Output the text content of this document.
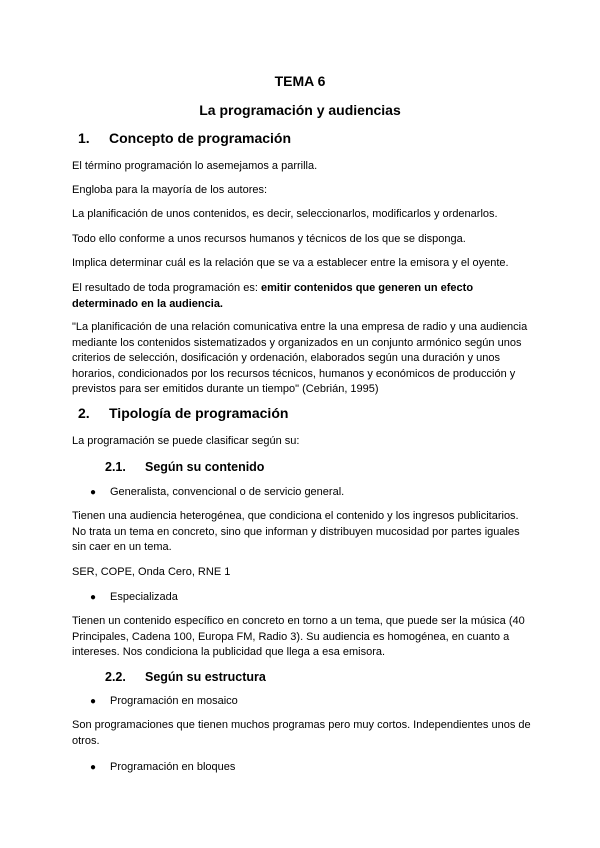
TEMA 6
La programación y audiencias
1. Concepto de programación

El término programación lo asemejamos a parrilla.

Engloba para la mayoría de los autores:

La planificación de unos contenidos, es decir, seleccionarlos, modificarlos y ordenarlos.

Todo ello conforme a unos recursos humanos y técnicos de los que se disponga.

Implica determinar cuál es la relación que se va a establecer entre la emisora y el oyente.

El resultado de toda programación es: emitir contenidos que generen un efecto determinado en la audiencia.

"La planificación de una relación comunicativa entre la una empresa de radio y una audiencia mediante los contenidos sistematizados y organizados en un conjunto armónico según unos criterios de selección, dosificación y ordenación, elaborados según una duración y unos horarios, condicionados por los recursos técnicos, humanos y económicos de producción y previstos para ser emitidos durante un tiempo" (Cebrián, 1995)

2. Tipología de programación

La programación se puede clasificar según su:

2.1. Según su contenido
● Generalista, convencional o de servicio general.

Tienen una audiencia heterogénea, que condiciona el contenido y los ingresos publicitarios. No trata un tema en concreto, sino que informan y distribuyen mucosidad por partes iguales sin caer en un tema.

SER, COPE, Onda Cero, RNE 1

● Especializada

Tienen un contenido específico en concreto en torno a un tema, que puede ser la música (40 Principales, Cadena 100, Europa FM, Radio 3). Su audiencia es homogénea, en cuanto a intereses. Nos condiciona la publicidad que llega a esa emisora.

2.2. Según su estructura
● Programación en mosaico

Son programaciones que tienen muchos programas pero muy cortos. Independientes unos de otros.

● Programación en bloques
